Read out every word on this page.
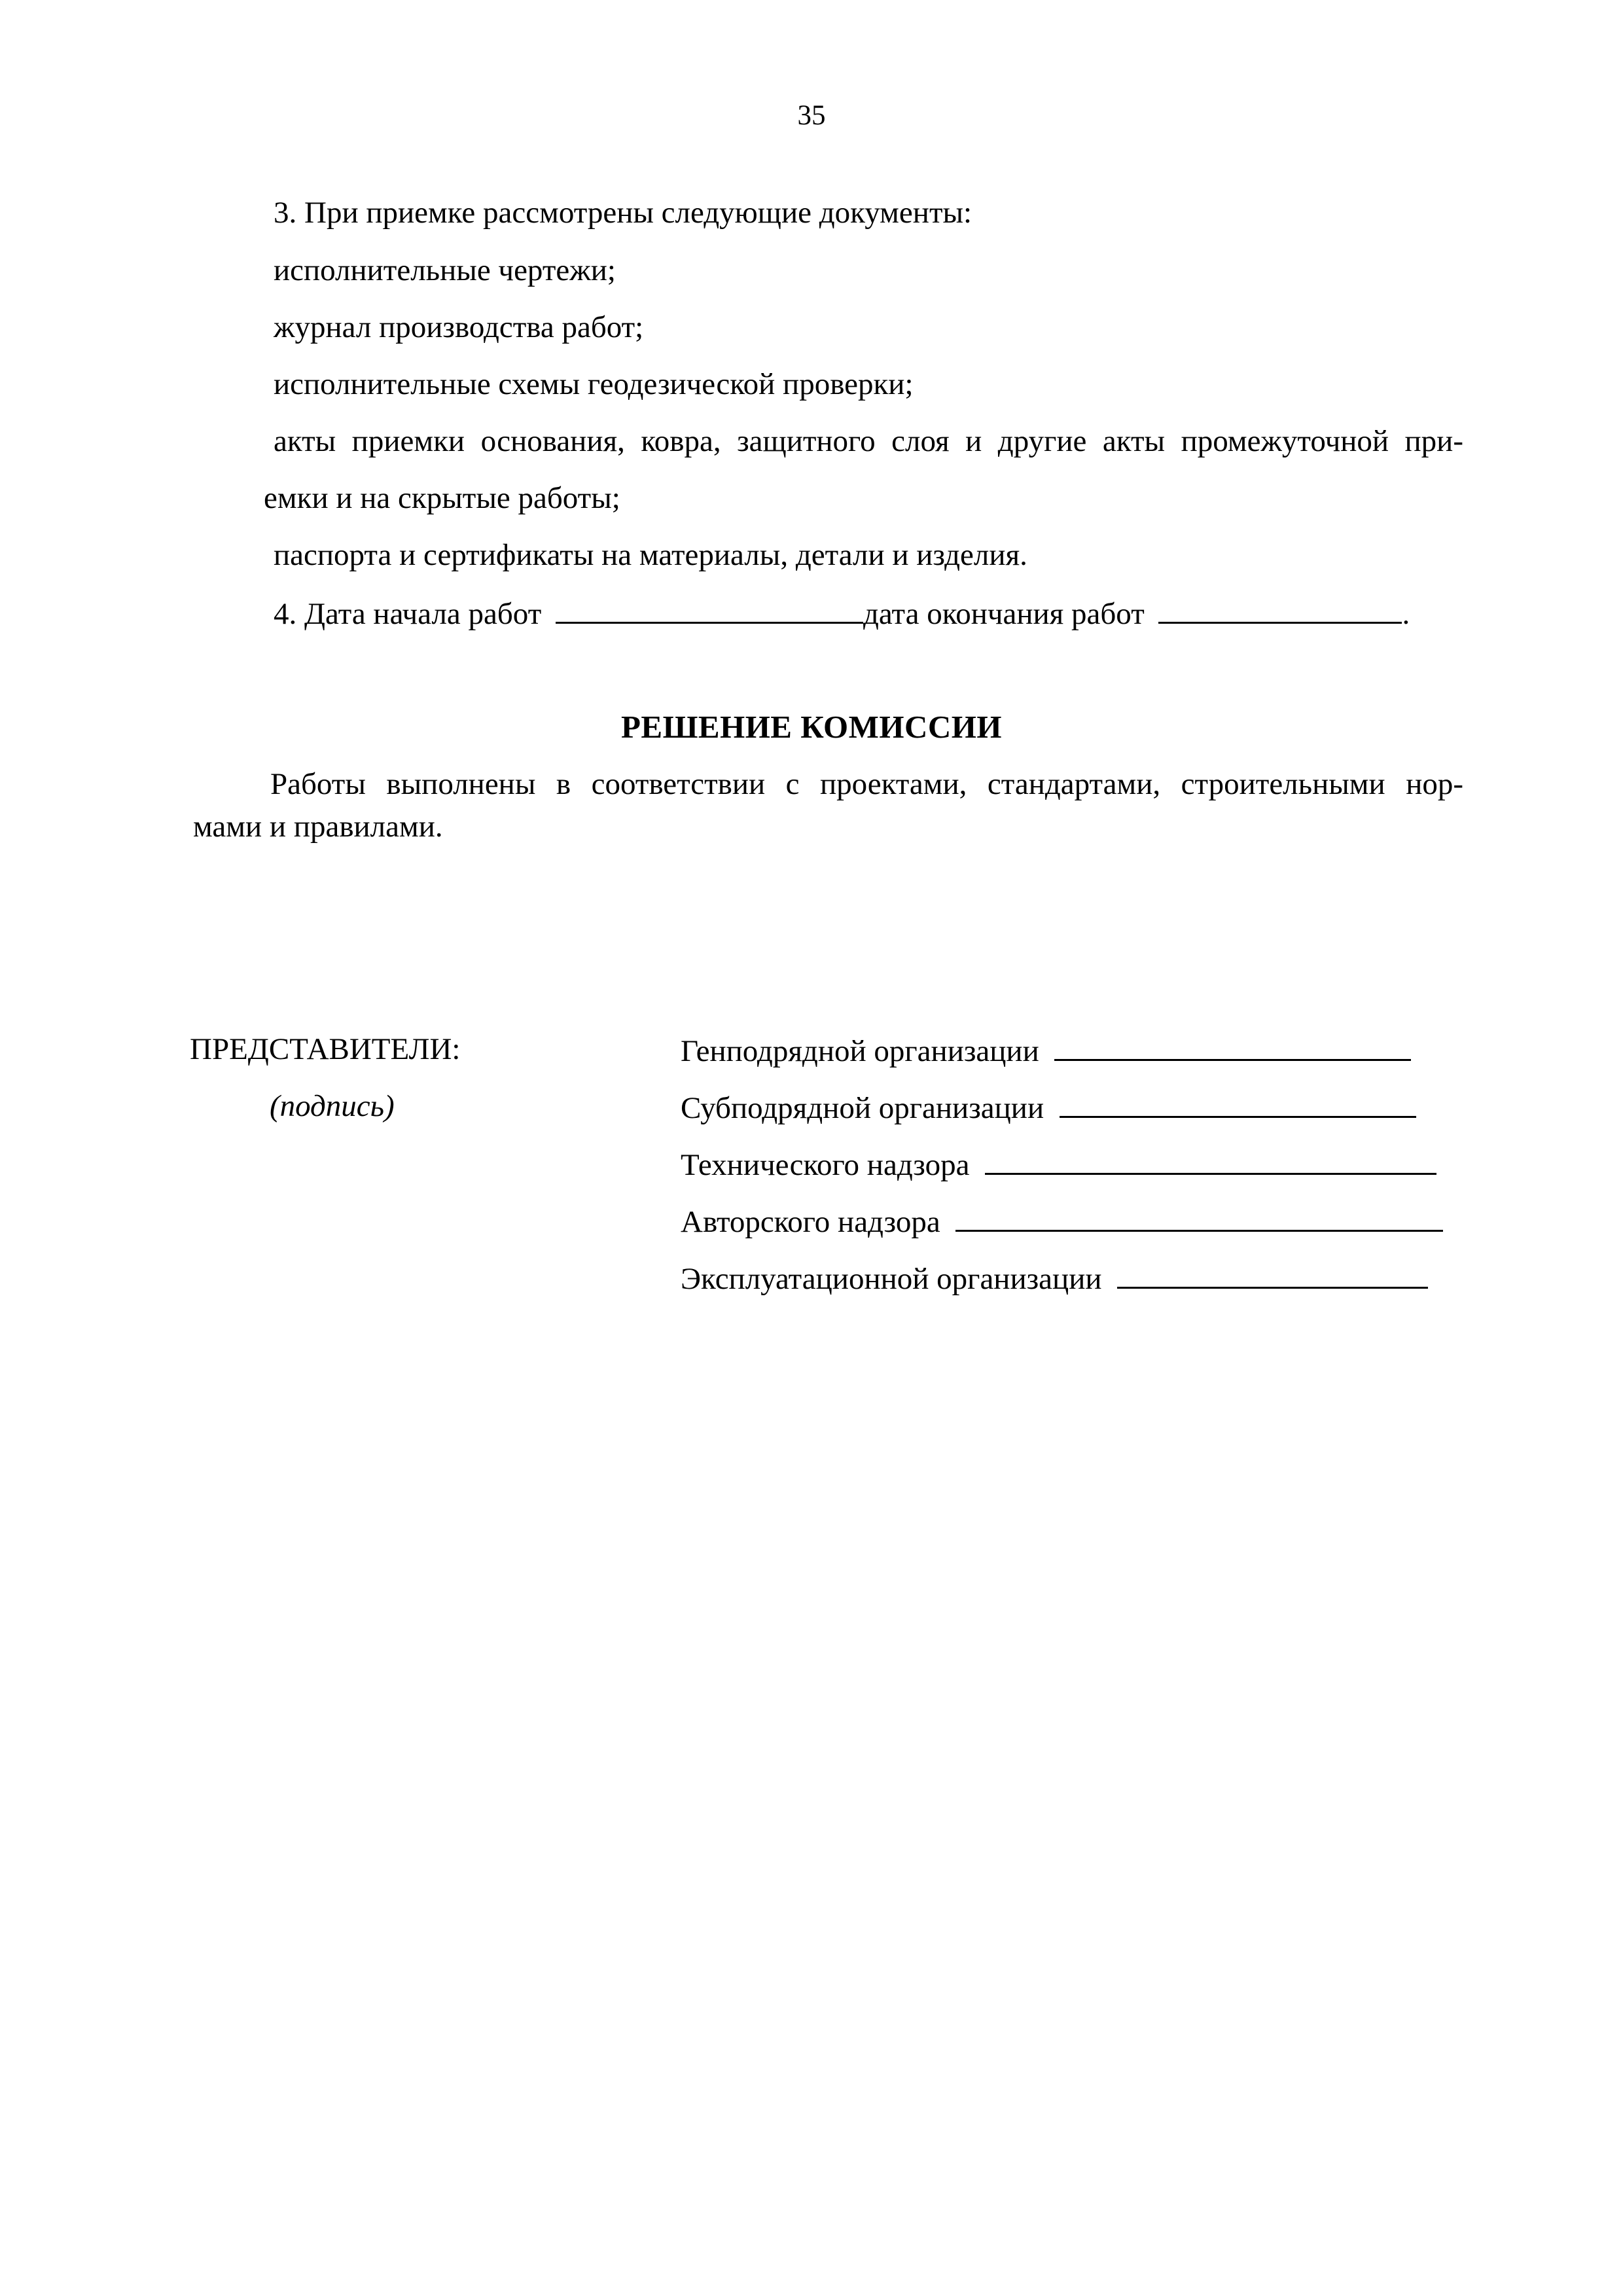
35
3. При приемке рассмотрены следующие документы:
исполнительные чертежи;
журнал производства работ;
исполнительные схемы геодезической проверки;
акты приемки основания, ковра, защитного слоя и другие акты промежуточной при-
емки и на скрытые работы;
паспорта и сертификаты на материалы, детали и изделия.
4. Дата начала работ	дата окончания работ	.
РЕШЕНИЕ КОМИССИИ
Работы выполнены в соответствии с проектами, стандартами, строительными нор-
мами и правилами.
ПРЕДСТАВИТЕЛИ:
(подпись)
Генподрядной организации
Субподрядной организации
Технического надзора
Авторского надзора
Эксплуатационной организации
